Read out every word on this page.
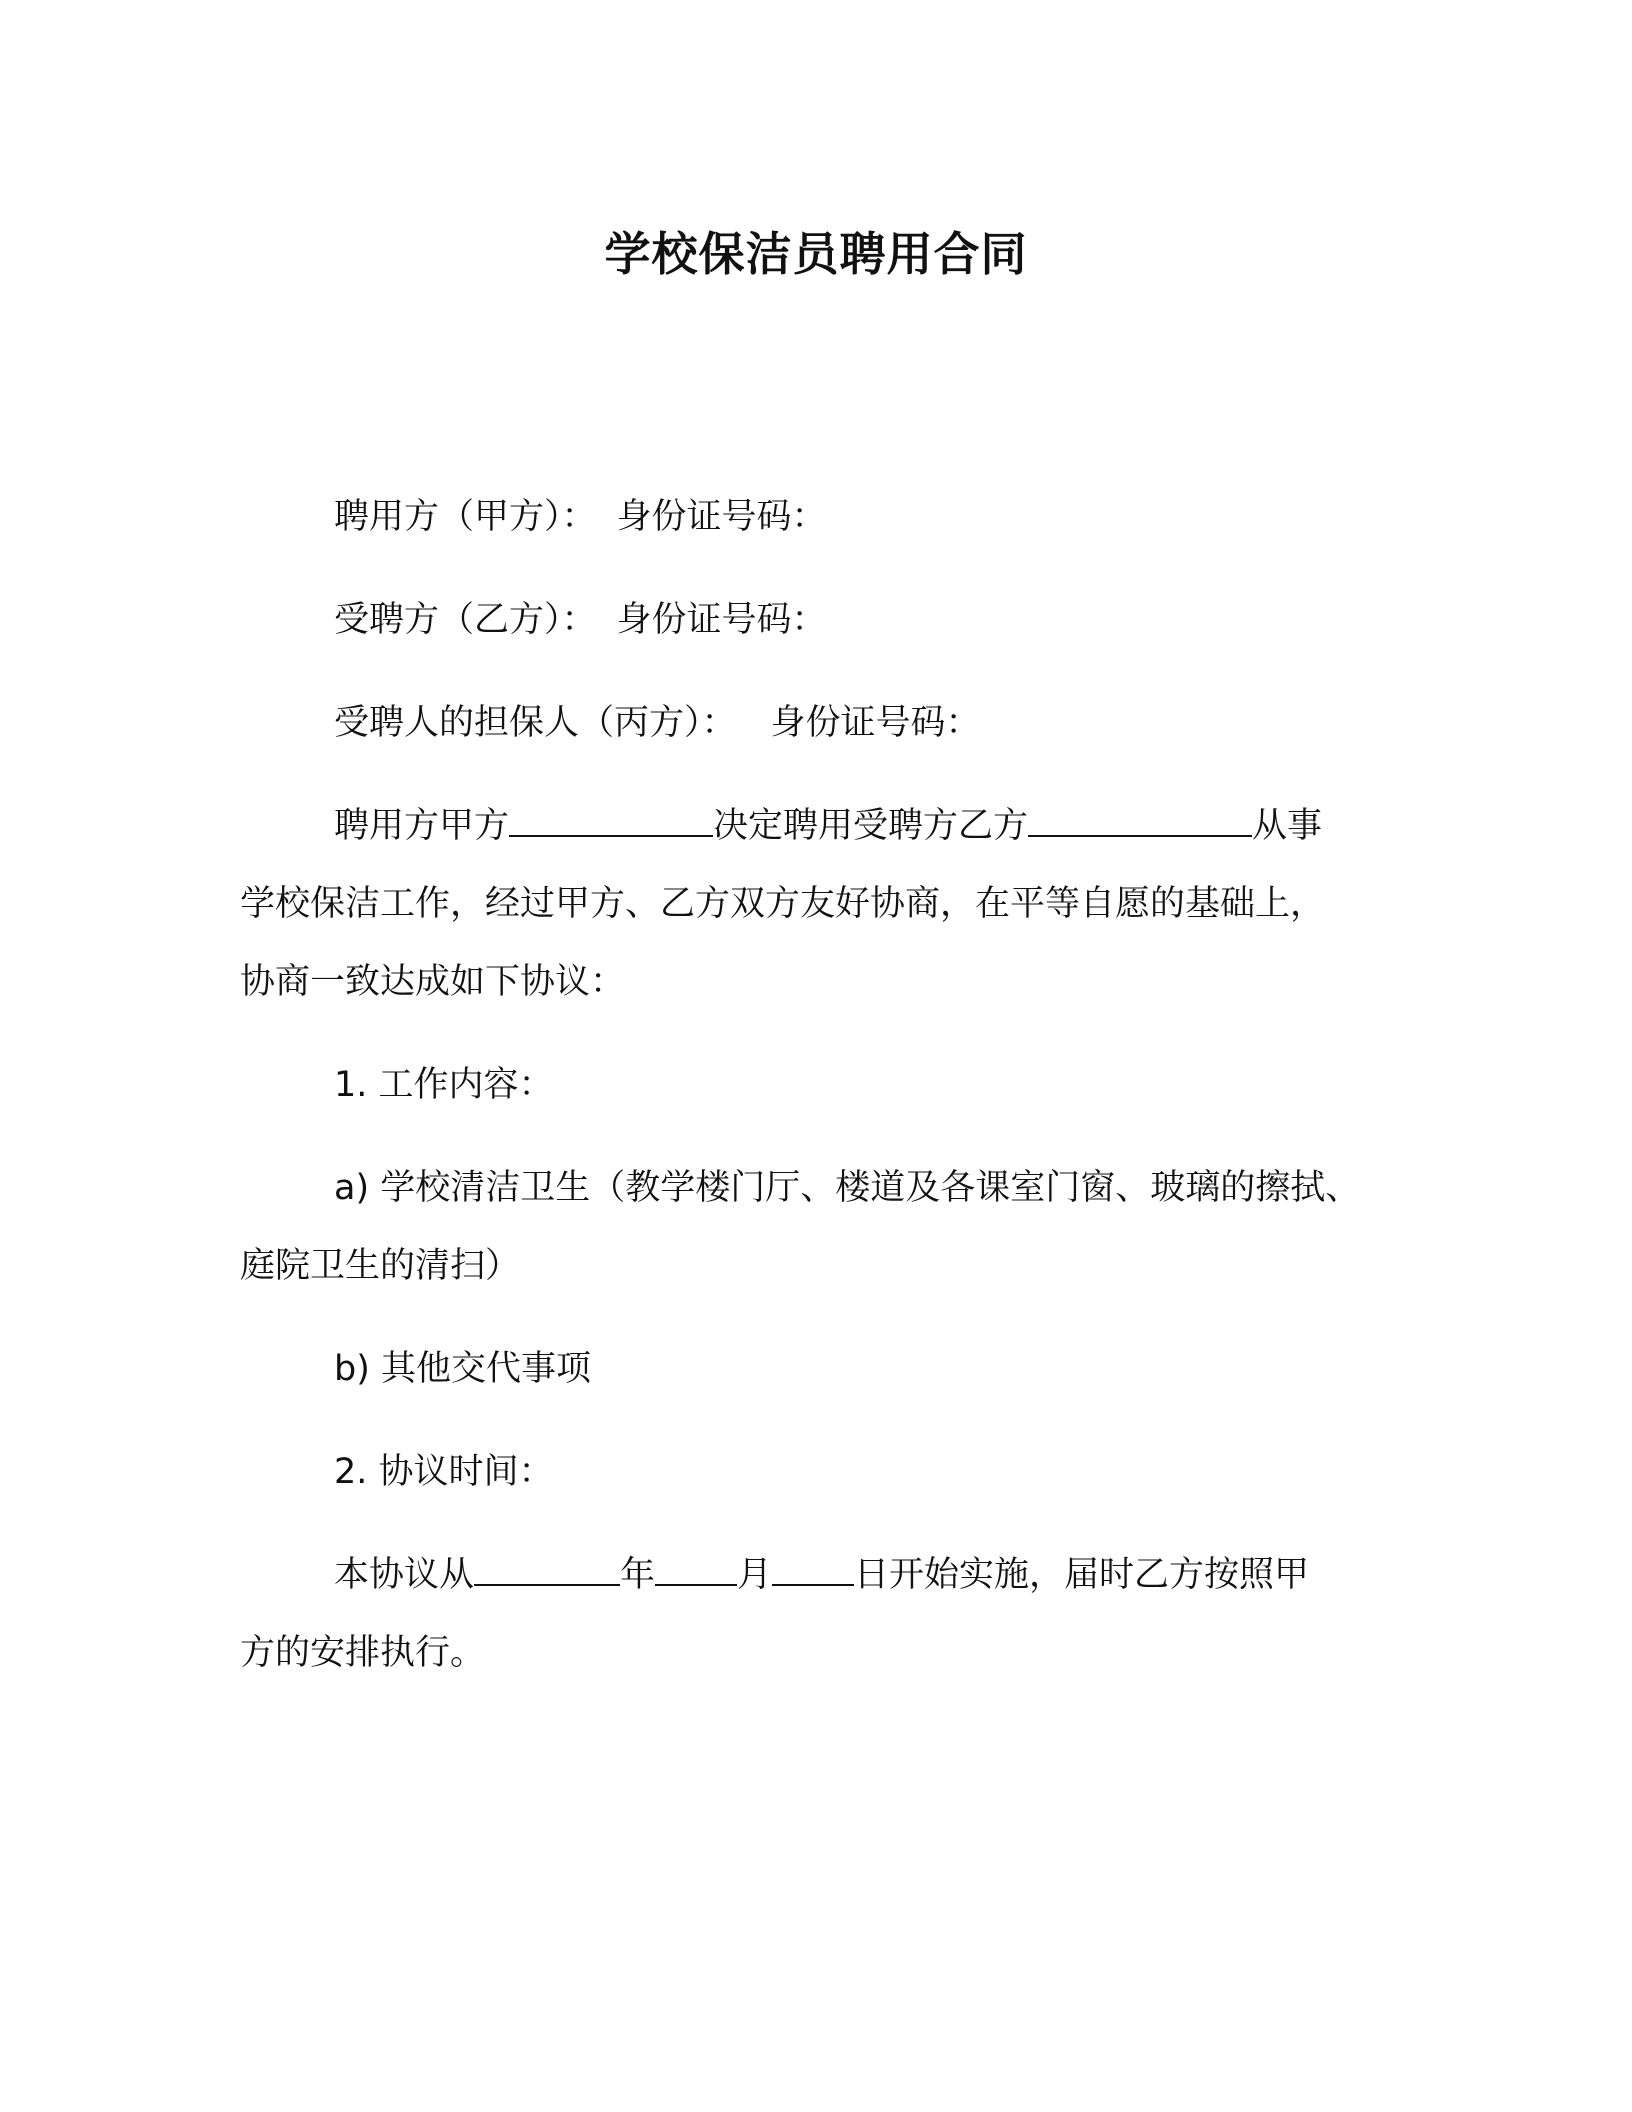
学校保洁员聘用合同
聘用方（甲方）： 身份证号码：
受聘方（乙方）： 身份证号码：
受聘人的担保人（丙方）： 身份证号码：
聘用方甲方	决定聘用受聘方乙方	从事
学校保洁工作，经过甲方、乙方双方友好协商，在平等自愿的基础上，
协商一致达成如下协议：
1. 工作内容：
a) 学校清洁卫生（教学楼门厅、楼道及各课室门窗、玻璃的擦拭、
庭院卫生的清扫）
b) 其他交代事项
2. 协议时间：
本协议从	年 月 日开始实施，届时乙方按照甲
方的安排执行。
